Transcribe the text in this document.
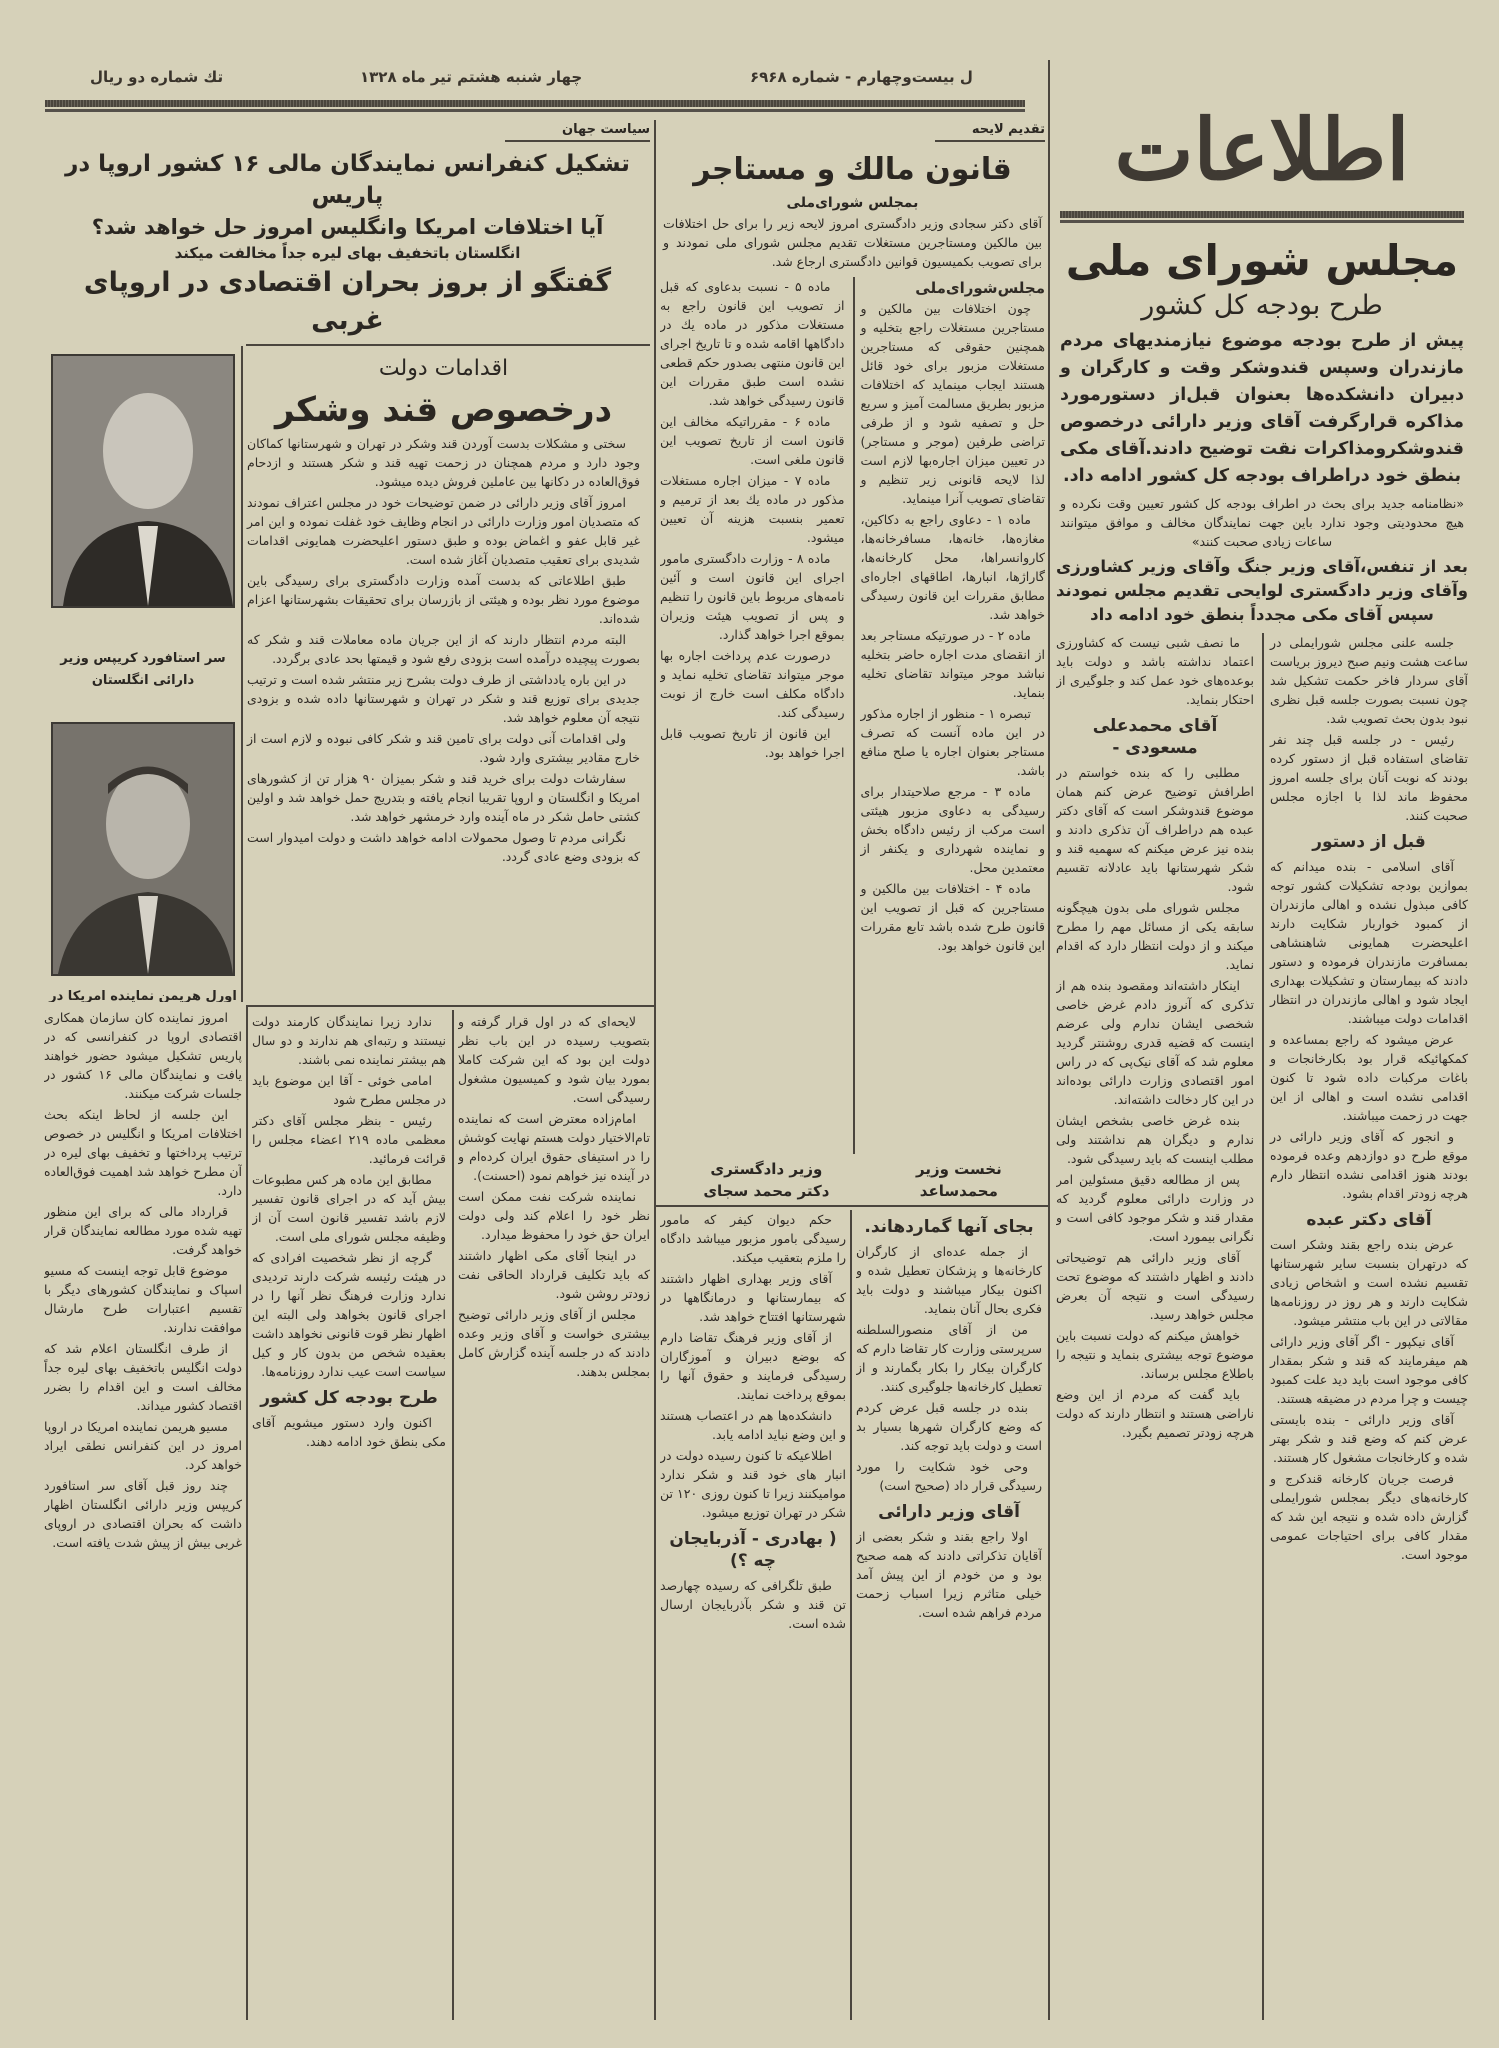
تك شماره دو ریال	چهار شنبه هشتم تیر ماه ۱۳۲۸	ل بیست‌وچهارم - شماره ۶۹۶۸
اطلاعات
مجلس شورای ملی
طرح بودجه کل کشور
پیش از طرح بودجه موضوع نیازمندیهای مردم مازندران وسپس قندوشکر وقت و کارگران و دبیران دانشکده‌ها بعنوان قبل‌از دستورمورد مذاکره قرارگرفت آقای وزیر دارائی درخصوص قندوشکرومذاکرات نقت توضیح دادند.آقای مکی بنطق خود دراطراف بودجه کل کشور ادامه داد.
«نظامنامه جدید برای بحث در اطراف بودجه کل کشور تعیین وقت نکرده و هیچ محدودیتی وجود ندارد باین جهت نمایندگان مخالف و موافق میتوانند ساعات زیادی صحبت کنند»
بعد از تنفس،آقای وزیر جنگ وآقای وزیر کشاورزی وآقای وزیر دادگستری لوایحی تقدیم مجلس نمودند سپس آقای مکی مجدداً بنطق خود ادامه داد

جلسه علنی مجلس شورایملی در ساعت هشت ونیم صبح دیروز بریاست آقای سردار فاخر حکمت تشکیل شد چون نسبت بصورت جلسه قبل نظری نبود بدون بحث تصویب شد.

رئیس - در جلسه قبل چند نفر تقاضای استفاده قبل از دستور کرده بودند که نوبت آنان برای جلسه امروز محفوظ ماند لذا با اجازه مجلس صحبت کنند.

قبل از دستور

آقای اسلامی - بنده میدانم که بموازین بودجه تشکیلات کشور توجه کافی مبذول نشده و اهالی مازندران از کمبود خواربار شکایت دارند اعلیحضرت همایونی شاهنشاهی بمسافرت مازندران فرموده و دستور دادند که بیمارستان و تشکیلات بهداری ایجاد شود و اهالی مازندران در انتظار اقدامات دولت میباشند.

عرض میشود که راجع بمساعده و کمکهائیکه قرار بود بکارخانجات و باغات مرکبات داده شود تا کنون اقدامی نشده است و اهالی از این جهت در زحمت میباشند.

و انجور که آقای وزیر دارائی در موقع طرح دو دوازدهم وعده فرموده بودند هنوز اقدامی نشده انتظار دارم هرچه زودتر اقدام بشود.

آقای دکتر عبده

عرض بنده راجع بقند وشکر است که درتهران بنسبت سایر شهرستانها تقسیم نشده است و اشخاص زیادی شکایت دارند و هر روز در روزنامه‌ها مقالاتی در این باب منتشر میشود.

آقای نیکپور - اگر آقای وزیر دارائی هم میفرمایند که قند و شکر بمقدار کافی موجود است باید دید علت کمبود چیست و چرا مردم در مضیقه هستند.

آقای وزیر دارائی - بنده بایستی عرض کنم که وضع قند و شکر بهتر شده و کارخانجات مشغول کار هستند.

فرصت جریان کارخانه قندکرج و کارخانه‌های دیگر بمجلس شورایملی گزارش داده شده و نتیجه این شد که مقدار کافی برای احتیاجات عمومی موجود است.

ما نصف شبی نیست که کشاورزی اعتماد نداشته باشد و دولت باید بوعده‌های خود عمل کند و جلوگیری از احتکار بنماید.

آقای محمدعلی مسعودی -

مطلبی را که بنده خواستم در اطرافش توضیح عرض کنم همان موضوع قندوشکر است که آقای دکتر عبده هم دراطراف آن تذکری دادند و بنده نیز عرض میکنم که سهمیه قند و شکر شهرستانها باید عادلانه تقسیم شود.

مجلس شورای ملی بدون هیچگونه سابقه یکی از مسائل مهم را مطرح میکند و از دولت انتظار دارد که اقدام نماید.

اینکار داشته‌اند ومقصود بنده هم از تذکری که آنروز دادم غرض خاصی شخصی ایشان ندارم ولی عرضم اینست که قضیه قدری روشنتر گردید معلوم شد که آقای نیک‌پی که در راس امور اقتصادی وزارت دارائی بوده‌اند در این کار دخالت داشته‌اند.

بنده غرض خاصی بشخص ایشان ندارم و دیگران هم نداشتند ولی مطلب اینست که باید رسیدگی شود.

پس از مطالعه دقیق مسئولین امر در وزارت دارائی معلوم گردید که مقدار قند و شکر موجود کافی است و نگرانی بیمورد است.

آقای وزیر دارائی هم توضیحاتی دادند و اظهار داشتند که موضوع تحت رسیدگی است و نتیجه آن بعرض مجلس خواهد رسید.

خواهش میکنم که دولت نسبت باین موضوع توجه بیشتری بنماید و نتیجه را باطلاع مجلس برساند.

باید گفت که مردم از این وضع ناراضی هستند و انتظار دارند که دولت هرچه زودتر تصمیم بگیرد.

تقدیم لایحه
قانون مالك و مستاجر
بمجلس شورای‌ملی
آقای دکتر سجادی وزیر دادگستری امروز لایحه زیر را برای حل اختلافات بین مالکین ومستاجرین مستغلات تقدیم مجلس شورای ملی نمودند و برای تصویب بکمیسیون قوانین دادگستری ارجاع شد.
مجلس‌شورای‌ملی

چون اختلافات بین مالکین و مستاجرین مستغلات راجع بتخلیه و همچنین حقوقی که مستاجرین مستغلات مزبور برای خود قائل هستند ایجاب مینماید که اختلافات مزبور بطریق مسالمت آمیز و سریع حل و تصفیه شود و از طرفی تراضی طرفین (موجر و مستاجر) در تعیین میزان اجاره‌بها لازم است لذا لایحه قانونی زیر تنظیم و تقاضای تصویب آنرا مینماید.

ماده ۱ - دعاوی راجع به دکاکین، مغازه‌ها، خانه‌ها، مسافرخانه‌ها، کاروانسراها، محل کارخانه‌ها، گاراژها، انبارها، اطاقهای اجاره‌ای مطابق مقررات این قانون رسیدگی خواهد شد.

ماده ۲ - در صورتیکه مستاجر بعد از انقضای مدت اجاره حاضر بتخلیه نباشد موجر میتواند تقاضای تخلیه بنماید.

تبصره ۱ - منظور از اجاره مذکور در این ماده آنست که تصرف مستاجر بعنوان اجاره یا صلح منافع باشد.

ماده ۳ - مرجع صلاحیتدار برای رسیدگی به دعاوی مزبور هیئتی است مرکب از رئیس دادگاه بخش و نماینده شهرداری و یکنفر از معتمدین محل.

ماده ۴ - اختلافات بین مالکین و مستاجرین که قبل از تصویب این قانون طرح شده باشد تابع مقررات این قانون خواهد بود.

ماده ۵ - نسبت بدعاوی که قبل از تصویب این قانون راجع به مستغلات مذکور در ماده یك در دادگاهها اقامه شده و تا تاریخ اجرای این قانون منتهی بصدور حکم قطعی نشده است طبق مقررات این قانون رسیدگی خواهد شد.

ماده ۶ - مقرراتیکه مخالف این قانون است از تاریخ تصویب این قانون ملغی است.

ماده ۷ - میزان اجاره مستغلات مذکور در ماده یك بعد از ترمیم و تعمیر بنسبت هزینه آن تعیین میشود.

ماده ۸ - وزارت دادگستری مامور اجرای این قانون است و آئین نامه‌های مربوط باین قانون را تنظیم و پس از تصویب هیئت وزیران بموقع اجرا خواهد گذارد.

درصورت عدم پرداخت اجاره بها موجر میتواند تقاضای تخلیه نماید و دادگاه مکلف است خارج از نوبت رسیدگی کند.

این قانون از تاریخ تصویب قابل اجرا خواهد بود.

نخست وزیر
محمدساعد
وزیر دادگستری
دکتر محمد سجای
بجای آنها گماردهاند.

از جمله عده‌ای از کارگران کارخانه‌ها و پزشکان تعطیل شده و اکنون بیکار میباشند و دولت باید فکری بحال آنان بنماید.

من از آقای منصورالسلطنه سرپرستی وزارت کار تقاضا دارم که کارگران بیکار را بکار بگمارند و از تعطیل کارخانه‌ها جلوگیری کنند.

بنده در جلسه قبل عرض کردم که وضع کارگران شهرها بسیار بد است و دولت باید توجه کند.

وحی خود شکایت را مورد رسیدگی قرار داد (صحیح است)

آقای وزیر دارائی

اولا راجع بقند و شکر بعضی از آقایان تذکراتی دادند که همه صحیح بود و من خودم از این پیش آمد خیلی متاثرم زیرا اسباب زحمت مردم فراهم شده است.

حکم دیوان کیفر که مامور رسیدگی بامور مزبور میباشد دادگاه را ملزم بتعقیب میکند.

آقای وزیر بهداری اظهار داشتند که بیمارستانها و درمانگاهها در شهرستانها افتتاح خواهد شد.

از آقای وزیر فرهنگ تقاضا دارم که بوضع دبیران و آموزگاران رسیدگی فرمایند و حقوق آنها را بموقع پرداخت نمایند.

دانشکده‌ها هم در اعتصاب هستند و این وضع نباید ادامه یابد.

اطلاعیکه تا کنون رسیده دولت در انبار های خود قند و شکر ندارد موامیکنند زیرا تا کنون روزی ۱۲۰ تن شکر در تهران توزیع میشود.

( بهادری - آذربایجان چه ؟)

طبق تلگرافی که رسیده چهارصد تن قند و شکر بآذربایجان ارسال شده است.

سیاست جهان
تشکیل کنفرانس نمایندگان مالی ۱۶ کشور اروپا در پاریس
آیا اختلافات امریکا وانگلیس امروز حل خواهد شد؟
انگلستان باتخفیف بهای لیره جداً مخالفت میکند
گفتگو از بروز بحران اقتصادی در اروپای غربی
اقدامات دولت
درخصوص قند وشکر

سختی و مشکلات بدست آوردن قند وشکر در تهران و شهرستانها کماکان وجود دارد و مردم همچنان در زحمت تهیه قند و شکر هستند و ازدحام فوق‌العاده در دکانها بین عاملین فروش دیده میشود.

امروز آقای وزیر دارائی در ضمن توضیحات خود در مجلس اعتراف نمودند که متصدیان امور وزارت دارائی در انجام وظایف خود غفلت نموده و این امر غیر قابل عفو و اغماض بوده و طبق دستور اعلیحضرت همایونی اقدامات شدیدی برای تعقیب متصدیان آغاز شده است.

طبق اطلاعاتی که بدست آمده وزارت دادگستری برای رسیدگی باین موضوع مورد نظر بوده و هیئتی از بازرسان برای تحقیقات بشهرستانها اعزام شده‌اند.

البته مردم انتظار دارند که از این جریان ماده معاملات قند و شکر که بصورت پیچیده درآمده است بزودی رفع شود و قیمتها بحد عادی برگردد.

در این باره یادداشتی از طرف دولت بشرح زیر منتشر شده است و ترتیب جدیدی برای توزیع قند و شکر در تهران و شهرستانها داده شده و بزودی نتیجه آن معلوم خواهد شد.

ولی اقدامات آنی دولت برای تامین قند و شکر کافی نبوده و لازم است از خارج مقادیر بیشتری وارد شود.

سفارشات دولت برای خرید قند و شکر بمیزان ۹۰ هزار تن از کشورهای امریکا و انگلستان و اروپا تقریبا انجام یافته و بتدریج حمل خواهد شد و اولین کشتی حامل شکر در ماه آینده وارد خرمشهر خواهد شد.

نگرانی مردم تا وصول محمولات ادامه خواهد داشت و دولت امیدوار است که بزودی وضع عادی گردد.

سر استافورد کریپس وزیر دارائی انگلستان
اورل هریمن نماینده امریکا در

امروز نماینده کان سازمان همکاری اقتصادی اروپا در کنفرانسی که در پاریس تشکیل میشود حضور خواهند یافت و نمایندگان مالی ۱۶ کشور در جلسات شرکت میکنند.

این جلسه از لحاظ اینکه بحث اختلافات امریکا و انگلیس در خصوص ترتیب پرداختها و تخفیف بهای لیره در آن مطرح خواهد شد اهمیت فوق‌العاده دارد.

قرارداد مالی که برای این منظور تهیه شده مورد مطالعه نمایندگان قرار خواهد گرفت.

موضوع قابل توجه اینست که مسیو اسپاک و نمایندگان کشورهای دیگر با تقسیم اعتبارات طرح مارشال موافقت ندارند.

از طرف انگلستان اعلام شد که دولت انگلیس باتخفیف بهای لیره جداً مخالف است و این اقدام را بضرر اقتصاد کشور میداند.

مسیو هریمن نماینده امریکا در اروپا امروز در این کنفرانس نطقی ایراد خواهد کرد.

چند روز قبل آقای سر استافورد کریپس وزیر دارائی انگلستان اظهار داشت که بحران اقتصادی در اروپای غربی بیش از پیش شدت یافته است.

ندارد زیرا نمایندگان کارمند دولت نیستند و رتبه‌ای هم ندارند و دو سال هم بیشتر نماینده نمی باشند.

امامی خوئی - آقا این موضوع باید در مجلس مطرح شود

رئیس - بنظر مجلس آقای دکتر معظمی ماده ۲۱۹ اعضاء مجلس را قرائت فرمائید.

مطابق این ماده هر کس مطبوعات بیش آید که در اجرای قانون تفسیر لازم باشد تفسیر قانون است آن از وظیفه مجلس شورای ملی است.

گرچه از نظر شخصیت افرادی که در هیئت رئیسه شرکت دارند تردیدی ندارد وزارت فرهنگ نظر آنها را در اجرای قانون بخواهد ولی البته این اظهار نظر قوت قانونی نخواهد داشت بعقیده شخص من بدون کار و کیل سیاست است عیب ندارد روزنامه‌ها.

طرح بودجه کل کشور

اکنون وارد دستور میشویم آقای مکی بنطق خود ادامه دهند.

لایحه‌ای که در اول قرار گرفته و بتصویب رسیده در این باب نظر دولت این بود که این شرکت کاملا بمورد بیان شود و کمیسیون مشغول رسیدگی است.

امام‌زاده معترض است که نماینده تام‌الاختیار دولت هستم نهایت کوشش را در استیفای حقوق ایران کرده‌ام و در آینده نیز خواهم نمود (احسنت).

نماینده شرکت نفت ممکن است نظر خود را اعلام کند ولی دولت ایران حق خود را محفوظ میدارد.

در اینجا آقای مکی اظهار داشتند که باید تکلیف قرارداد الحاقی نفت زودتر روشن شود.

مجلس از آقای وزیر دارائی توضیح بیشتری خواست و آقای وزیر وعده دادند که در جلسه آینده گزارش کامل بمجلس بدهند.
